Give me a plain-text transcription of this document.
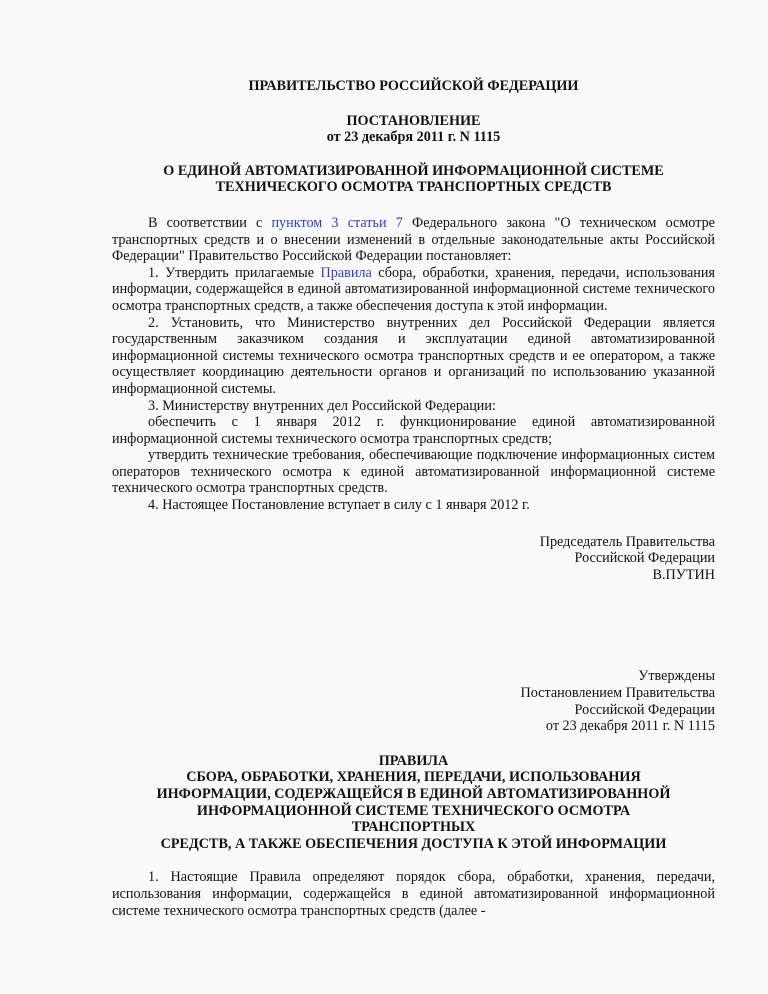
ПРАВИТЕЛЬСТВО РОССИЙСКОЙ ФЕДЕРАЦИИ
ПОСТАНОВЛЕНИЕ
от 23 декабря 2011 г. N 1115
О ЕДИНОЙ АВТОМАТИЗИРОВАННОЙ ИНФОРМАЦИОННОЙ СИСТЕМЕ
ТЕХНИЧЕСКОГО ОСМОТРА ТРАНСПОРТНЫХ СРЕДСТВ

В соответствии с пунктом 3 статьи 7 Федерального закона "О техническом осмотре транспортных средств и о внесении изменений в отдельные законодательные акты Российской Федерации" Правительство Российской Федерации постановляет:

1. Утвердить прилагаемые Правила сбора, обработки, хранения, передачи, использования информации, содержащейся в единой автоматизированной информационной системе технического осмотра транспортных средств, а также обеспечения доступа к этой информации.

2. Установить, что Министерство внутренних дел Российской Федерации является государственным заказчиком создания и эксплуатации единой автоматизированной информационной системы технического осмотра транспортных средств и ее оператором, а также осуществляет координацию деятельности органов и организаций по использованию указанной информационной системы.

3. Министерству внутренних дел Российской Федерации:

обеспечить с 1 января 2012 г. функционирование единой автоматизированной информационной системы технического осмотра транспортных средств;

утвердить технические требования, обеспечивающие подключение информационных систем операторов технического осмотра к единой автоматизированной информационной системе технического осмотра транспортных средств.

4. Настоящее Постановление вступает в силу с 1 января 2012 г.

Председатель Правительства
Российской Федерации
В.ПУТИН
Утверждены
Постановлением Правительства
Российской Федерации
от 23 декабря 2011 г. N 1115
ПРАВИЛА
СБОРА, ОБРАБОТКИ, ХРАНЕНИЯ, ПЕРЕДАЧИ, ИСПОЛЬЗОВАНИЯ
ИНФОРМАЦИИ, СОДЕРЖАЩЕЙСЯ В ЕДИНОЙ АВТОМАТИЗИРОВАННОЙ
ИНФОРМАЦИОННОЙ СИСТЕМЕ ТЕХНИЧЕСКОГО ОСМОТРА
ТРАНСПОРТНЫХ
СРЕДСТВ, А ТАКЖЕ ОБЕСПЕЧЕНИЯ ДОСТУПА К ЭТОЙ ИНФОРМАЦИИ

1. Настоящие Правила определяют порядок сбора, обработки, хранения, передачи, использования информации, содержащейся в единой автоматизированной информационной системе технического осмотра транспортных средств (далее -
